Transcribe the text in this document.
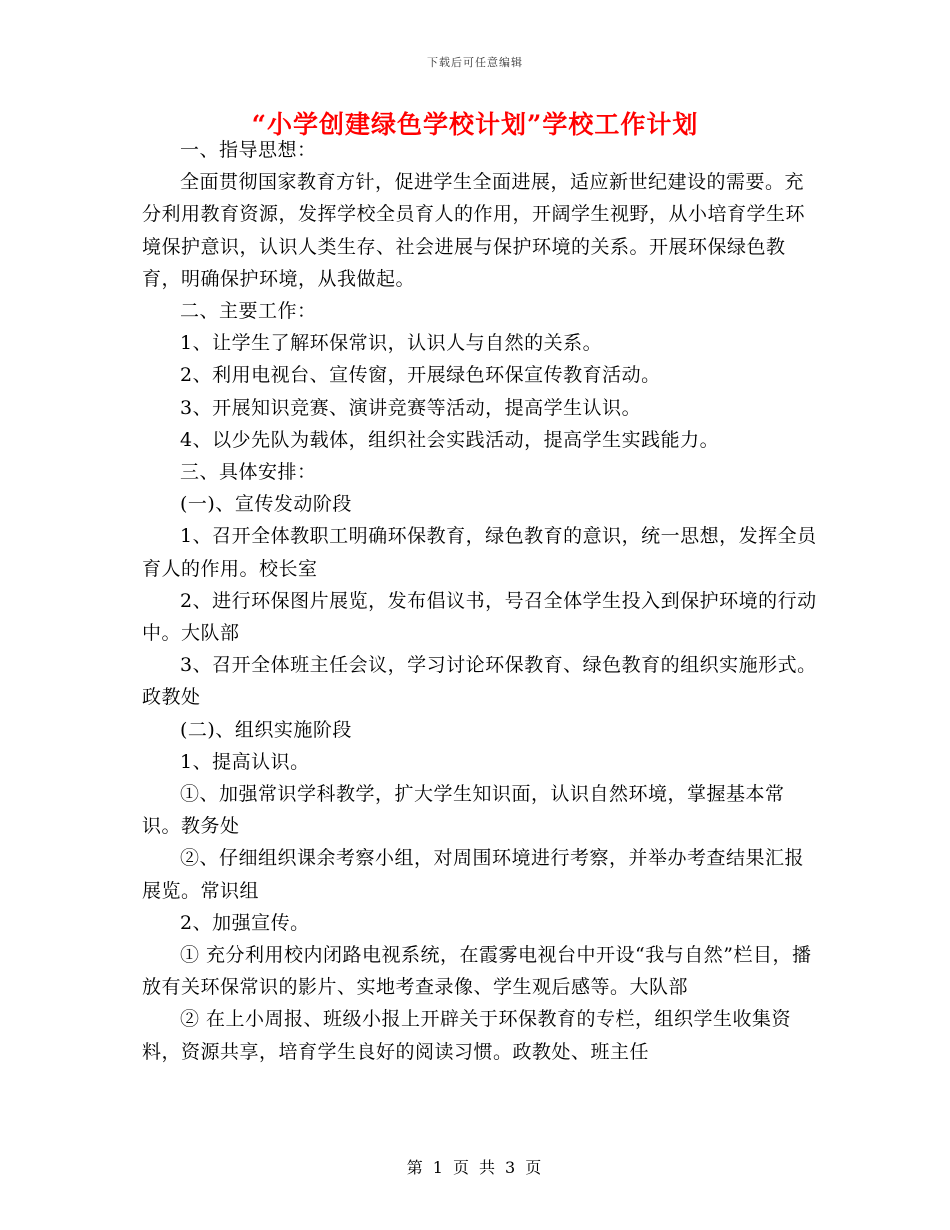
下载后可任意编辑
“小学创建绿色学校计划”学校工作计划

一、指导思想：

全面贯彻国家教育方针，促进学生全面进展，适应新世纪建设的需要。充分利用教育资源，发挥学校全员育人的作用，开阔学生视野，从小培育学生环境保护意识，认识人类生存、社会进展与保护环境的关系。开展环保绿色教育，明确保护环境，从我做起。

二、主要工作：

1、让学生了解环保常识，认识人与自然的关系。

2、利用电视台、宣传窗，开展绿色环保宣传教育活动。

3、开展知识竞赛、演讲竞赛等活动，提高学生认识。

4、以少先队为载体，组织社会实践活动，提高学生实践能力。

三、具体安排：

(一)、宣传发动阶段

1、召开全体教职工明确环保教育，绿色教育的意识，统一思想，发挥全员育人的作用。校长室

2、进行环保图片展览，发布倡议书，号召全体学生投入到保护环境的行动中。大队部

3、召开全体班主任会议，学习讨论环保教育、绿色教育的组织实施形式。政教处

(二)、组织实施阶段

1、提高认识。

①、加强常识学科教学，扩大学生知识面，认识自然环境，掌握基本常识。教务处

②、仔细组织课余考察小组，对周围环境进行考察，并举办考查结果汇报展览。常识组

2、加强宣传。

① 充分利用校内闭路电视系统，在霞雾电视台中开设“我与自然”栏目，播放有关环保常识的影片、实地考查录像、学生观后感等。大队部

② 在上小周报、班级小报上开辟关于环保教育的专栏，组织学生收集资料，资源共享，培育学生良好的阅读习惯。政教处、班主任

第 1 页 共 3 页
